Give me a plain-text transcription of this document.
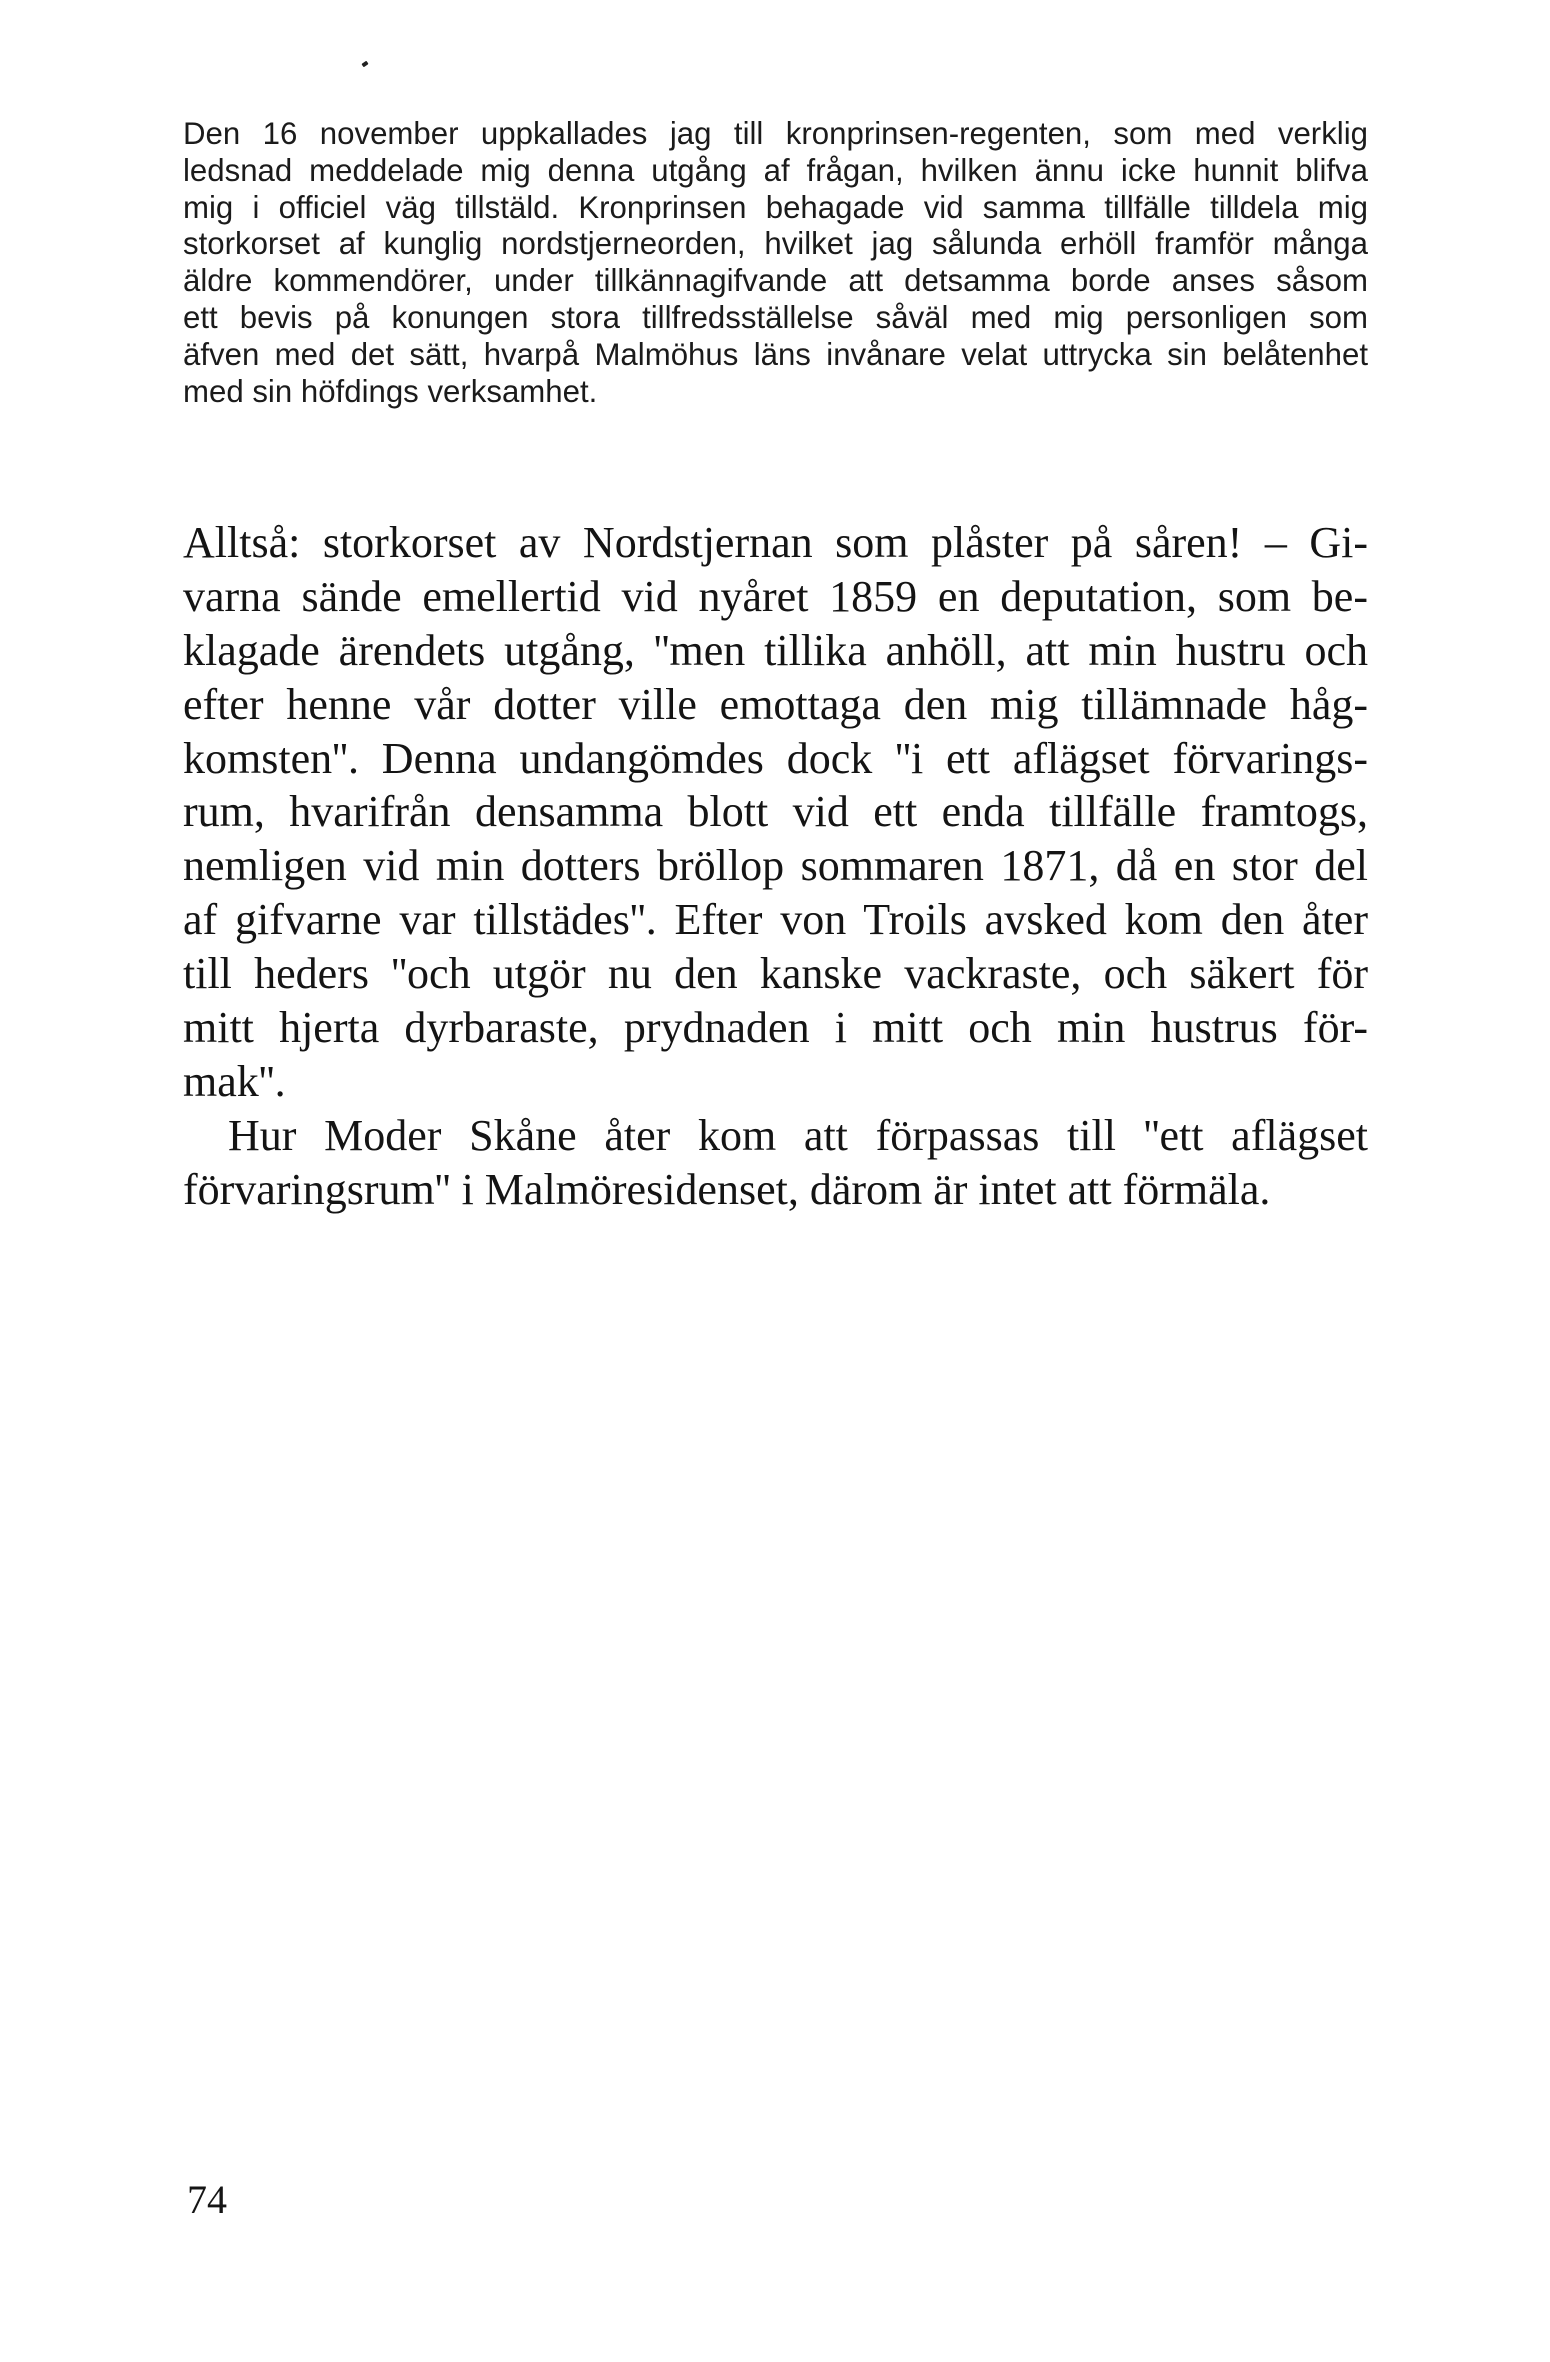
Den 16 november uppkallades jag till kronprinsen-regenten, som med verklig
ledsnad meddelade mig denna utgång af frågan, hvilken ännu icke hunnit blifva
mig i officiel väg tillstäld. Kronprinsen behagade vid samma tillfälle tilldela mig
storkorset af kunglig nordstjerneorden, hvilket jag sålunda erhöll framför många
äldre kommendörer, under tillkännagifvande att detsamma borde anses såsom
ett bevis på konungen stora tillfredsställelse såväl med mig personligen som
äfven med det sätt, hvarpå Malmöhus läns invånare velat uttrycka sin belåtenhet
med sin höfdings verksamhet.
Alltså: storkorset av Nordstjernan som plåster på såren! – Gi-
varna sände emellertid vid nyåret 1859 en deputation, som be-
klagade ärendets utgång, ''men tillika anhöll, att min hustru och
efter henne vår dotter ville emottaga den mig tillämnade håg-
komsten''. Denna undangömdes dock ''i ett aflägset förvarings-
rum, hvarifrån densamma blott vid ett enda tillfälle framtogs,
nemligen vid min dotters bröllop sommaren 1871, då en stor del
af gifvarne var tillstädes''. Efter von Troils avsked kom den åter
till heders ''och utgör nu den kanske vackraste, och säkert för
mitt hjerta dyrbaraste, prydnaden i mitt och min hustrus för-
mak''.
Hur Moder Skåne åter kom att förpassas till ''ett aflägset
förvaringsrum'' i Malmöresidenset, därom är intet att förmäla.
74
